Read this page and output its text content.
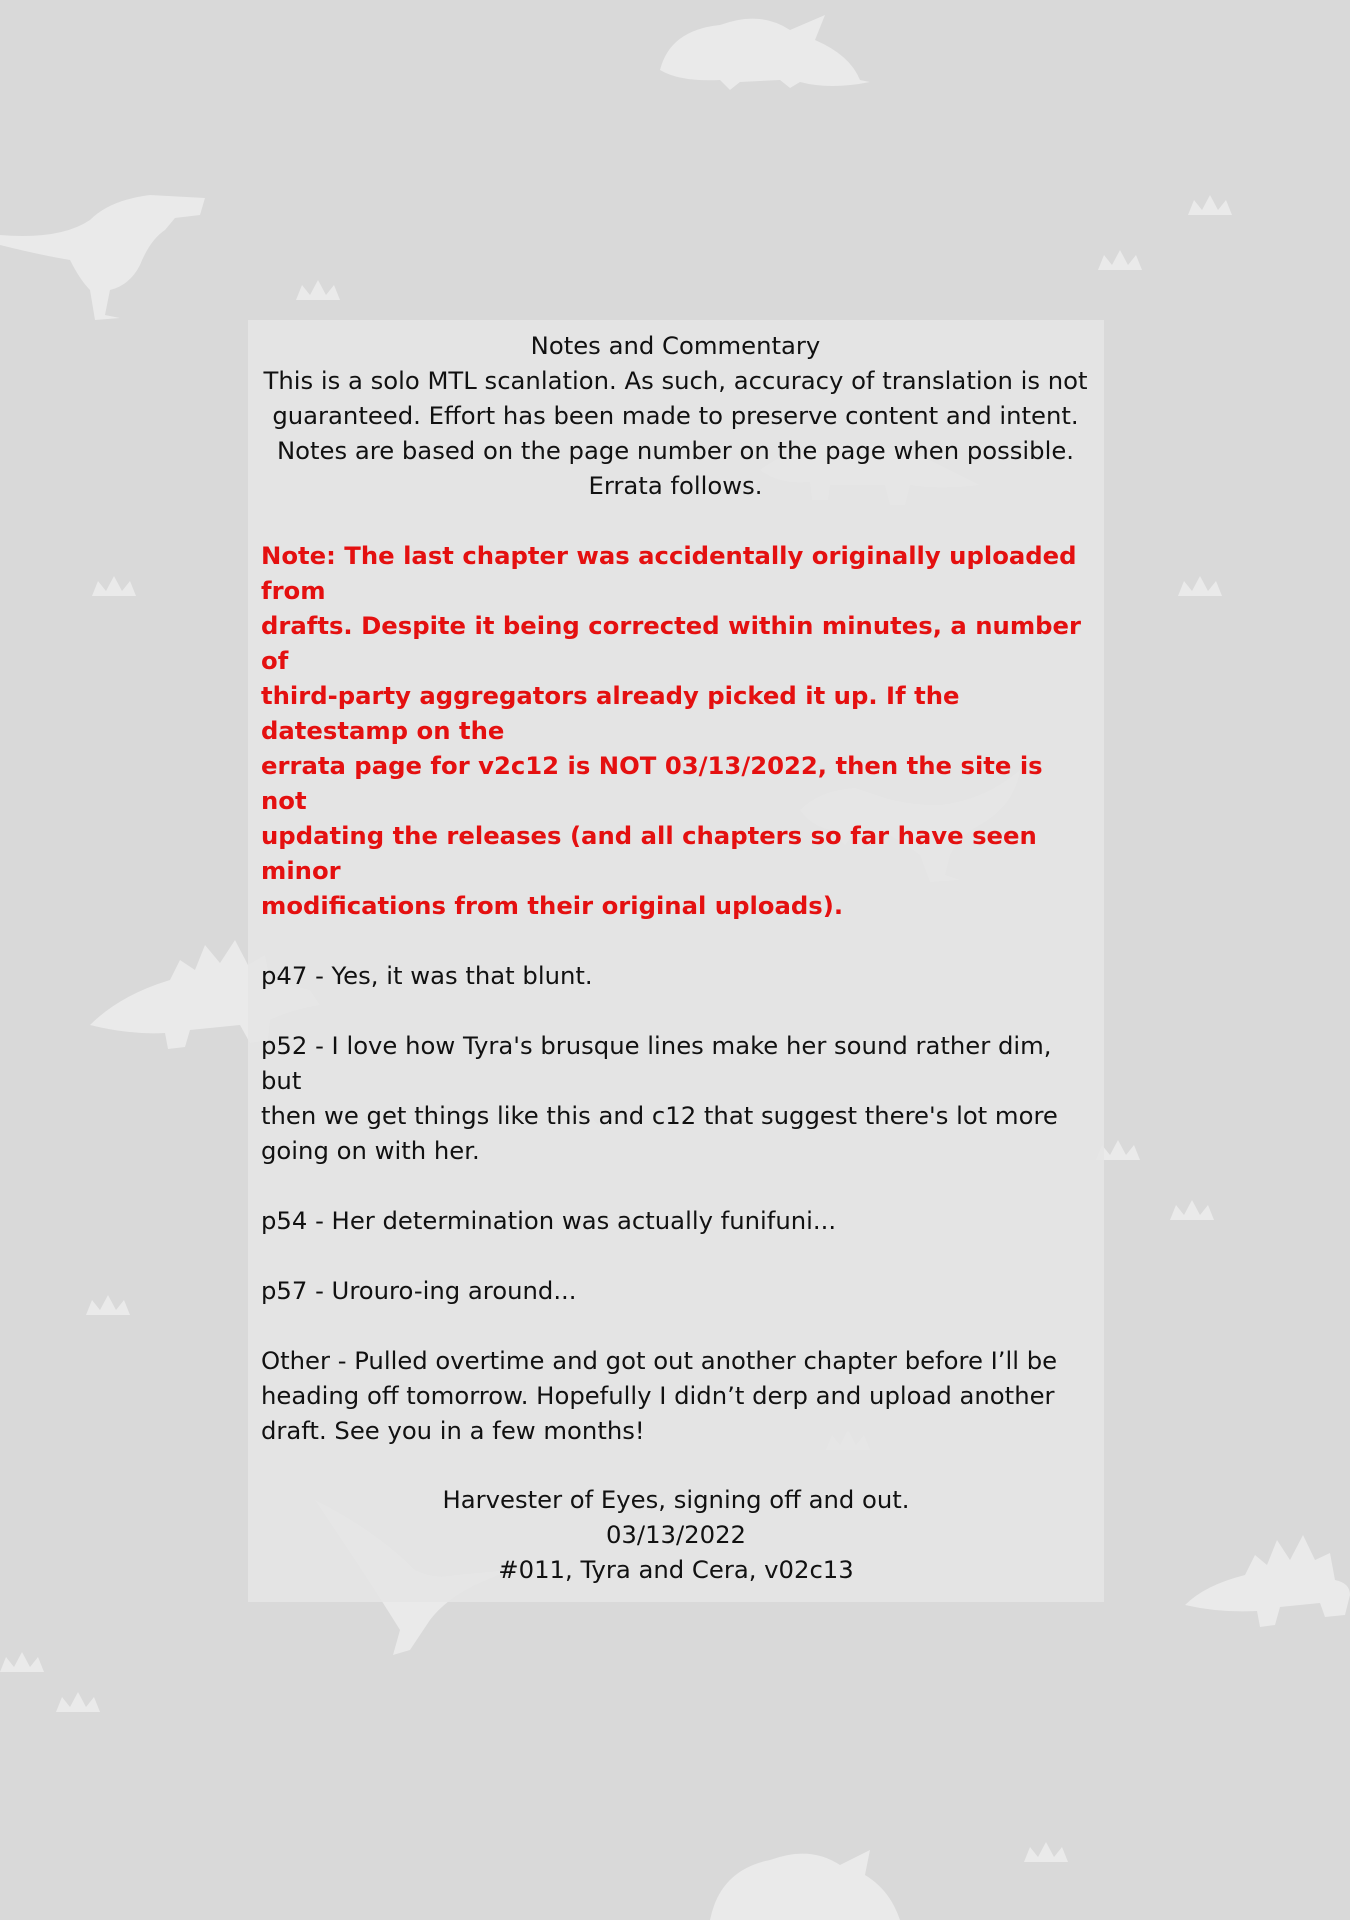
Notes and Commentary
This is a solo MTL scanlation. As such, accuracy of translation is not
guaranteed. Effort has been made to preserve content and intent.
Notes are based on the page number on the page when possible.
Errata follows.
Note: The last chapter was accidentally originally uploaded from
drafts. Despite it being corrected within minutes, a number of
third-party aggregators already picked it up. If the datestamp on the
errata page for v2c12 is NOT 03/13/2022, then the site is not
updating the releases (and all chapters so far have seen minor
modifications from their original uploads).
p47 - Yes, it was that blunt.
p52 - I love how Tyra's brusque lines make her sound rather dim, but
then we get things like this and c12 that suggest there's lot more
going on with her.
p54 - Her determination was actually funifuni...
p57 - Urouro-ing around...
Other - Pulled overtime and got out another chapter before I’ll be
heading off tomorrow. Hopefully I didn’t derp and upload another
draft. See you in a few months!
Harvester of Eyes, signing off and out.
03/13/2022
#011, Tyra and Cera, v02c13
